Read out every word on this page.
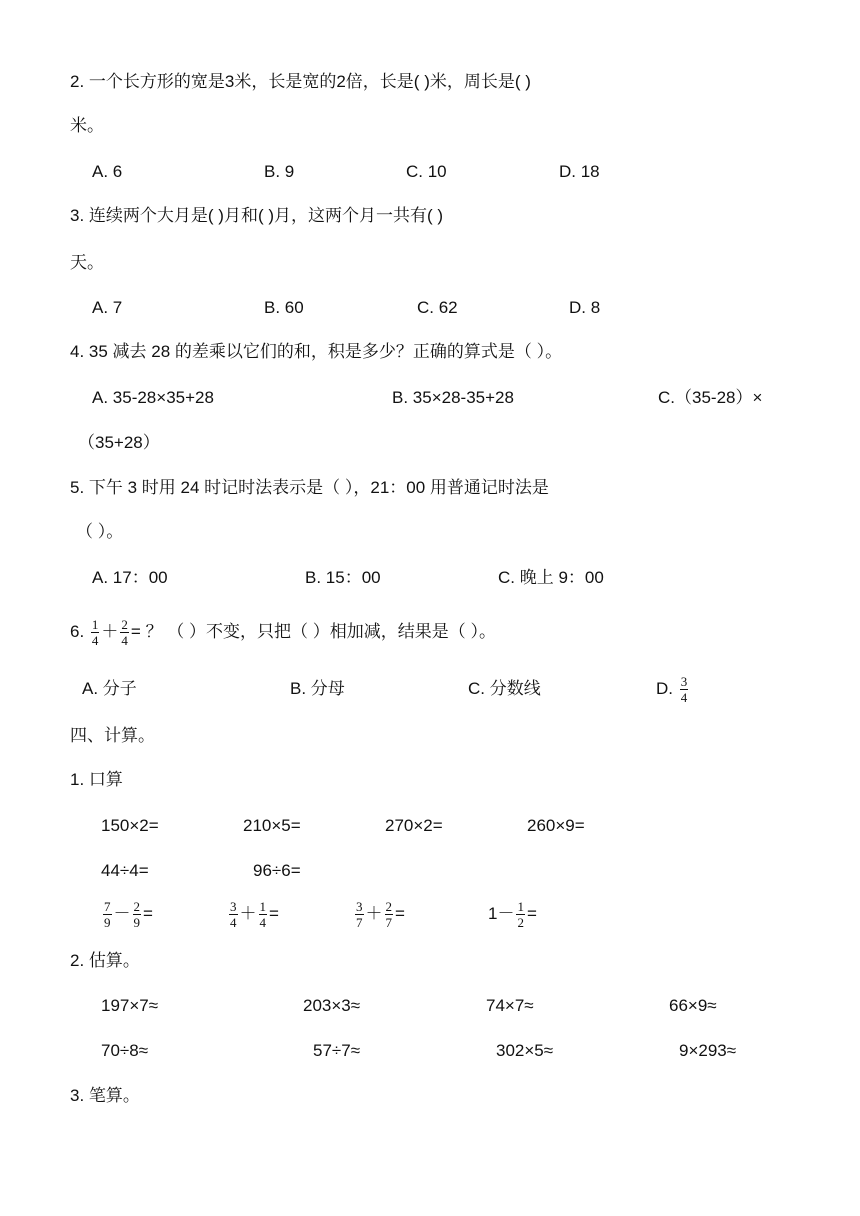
2. 一个长方形的宽是3米，长是宽的2倍，长是( )米，周长是( )
米。
A. 6	B. 9	C. 10	D. 18
3. 连续两个大月是( )月和( )月，这两个月一共有( )
天。
A. 7	B. 60	C. 62	D. 8
4. 35 减去 28 的差乘以它们的和，积是多少？正确的算式是（ ）。
A. 35-28×35+28	B. 35×28-35+28	C.（35-28）×
（35+28）
5. 下午 3 时用 24 时记时法表示是（ ），21：00 用普通记时法是
（ ）。
A. 17：00	B. 15：00	C. 晚上 9：00
6. $\frac{1}{4} + \frac{2}{4}$ = ？ （ ）不变，只把（ ）相加减，结果是（ ）。
A. 分子	B. 分母	C. 分数线	D. $\frac{3}{4}$
四、计算。
1. 口算
150×2=	210×5=	270×2=	260×9=
44÷4=	96÷6=
$\frac{7}{9} - \frac{2}{9}$ =	$\frac{3}{4} + \frac{1}{4}$ =	$\frac{3}{7} + \frac{2}{7}$ =	$1- \frac{1}{2}$ =
2. 估算。
197×7≈	203×3≈	74×7≈	66×9≈
70÷8≈	57÷7≈	302×5≈	9×293≈
3. 笔算。
